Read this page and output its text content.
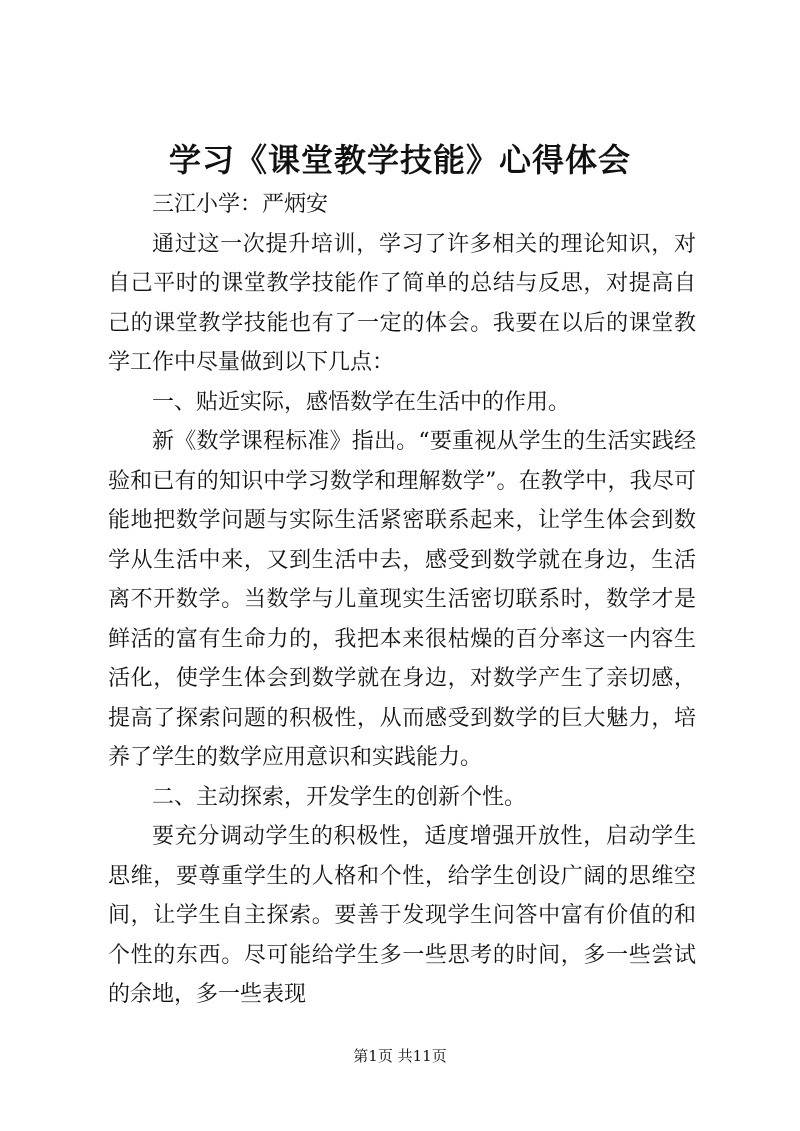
学习《课堂教学技能》心得体会

三江小学：严炳安

通过这一次提升培训，学习了许多相关的理论知识，对自己平时的课堂教学技能作了简单的总结与反思，对提高自己的课堂教学技能也有了一定的体会。我要在以后的课堂教学工作中尽量做到以下几点：

一、贴近实际，感悟数学在生活中的作用。

新《数学课程标准》指出。“要重视从学生的生活实践经验和已有的知识中学习数学和理解数学”。在教学中，我尽可能地把数学问题与实际生活紧密联系起来，让学生体会到数学从生活中来，又到生活中去，感受到数学就在身边，生活离不开数学。当数学与儿童现实生活密切联系时，数学才是鲜活的富有生命力的，我把本来很枯燥的百分率这一内容生活化，使学生体会到数学就在身边，对数学产生了亲切感，提高了探索问题的积极性，从而感受到数学的巨大魅力，培养了学生的数学应用意识和实践能力。

二、主动探索，开发学生的创新个性。

要充分调动学生的积极性，适度增强开放性，启动学生思维，要尊重学生的人格和个性，给学生创设广阔的思维空间，让学生自主探索。要善于发现学生问答中富有价值的和个性的东西。尽可能给学生多一些思考的时间，多一些尝试的余地，多一些表现

第1页 共11页
